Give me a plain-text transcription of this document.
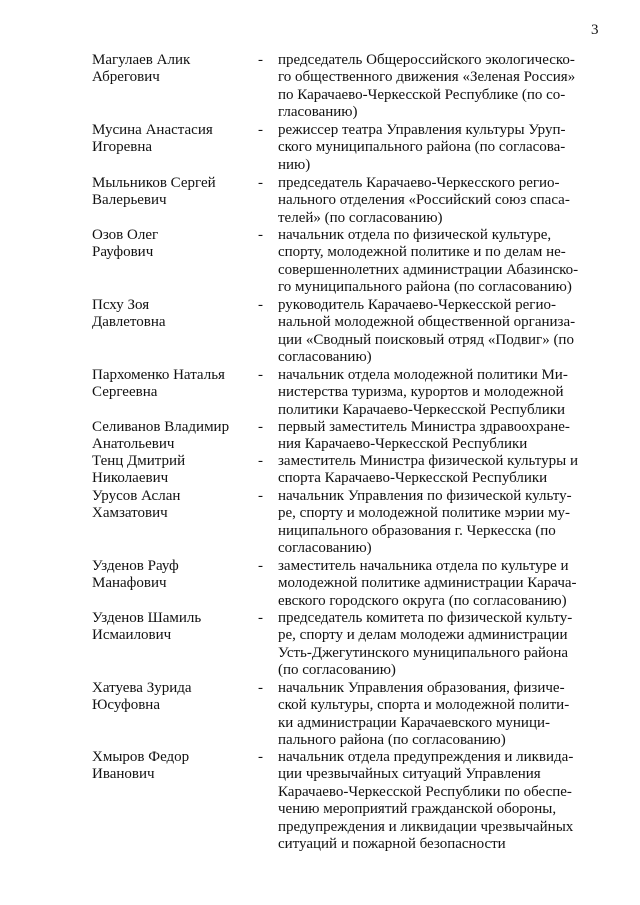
3
Магулаев Алик
Абрегович
- председатель Общероссийского экологическо-
го общественного движения «Зеленая Россия»
по Карачаево-Черкесской Республике (по со-
гласованию)
Мусина Анастасия
Игоревна
- режиссер театра Управления культуры Уруп-
ского муниципального района (по согласова-
нию)
Мыльников Сергей
Валерьевич
- председатель Карачаево-Черкесского регио-
нального отделения «Российский союз спаса-
телей» (по согласованию)
Озов Олег
Рауфович
- начальник отдела по физической культуре,
спорту, молодежной политике и по делам не-
совершеннолетних администрации Абазинско-
го муниципального района (по согласованию)
Псху Зоя
Давлетовна
- руководитель Карачаево-Черкесской регио-
нальной молодежной общественной организа-
ции «Сводный поисковый отряд «Подвиг» (по
согласованию)
Пархоменко Наталья
Сергеевна
- начальник отдела молодежной политики Ми-
нистерства туризма, курортов и молодежной
политики Карачаево-Черкесской Республики
Селиванов Владимир
Анатольевич
- первый заместитель Министра здравоохране-
ния Карачаево-Черкесской Республики
Тенц Дмитрий
Николаевич
- заместитель Министра физической культуры и
спорта Карачаево-Черкесской Республики
Урусов Аслан
Хамзатович
- начальник Управления по физической культу-
ре, спорту и молодежной политике мэрии му-
ниципального образования г. Черкесска (по
согласованию)
Узденов Рауф
Манафович
- заместитель начальника отдела по культуре и
молодежной политике администрации Карача-
евского городского округа (по согласованию)
Узденов Шамиль
Исмаилович
- председатель комитета по физической культу-
ре, спорту и делам молодежи администрации
Усть-Джегутинского муниципального района
(по согласованию)
Хатуева Зурида
Юсуфовна
- начальник Управления образования, физиче-
ской культуры, спорта и молодежной полити-
ки администрации Карачаевского муници-
пального района (по согласованию)
Хмыров Федор
Иванович
- начальник отдела предупреждения и ликвида-
ции чрезвычайных ситуаций Управления
Карачаево-Черкесской Республики по обеспе-
чению мероприятий гражданской обороны,
предупреждения и ликвидации чрезвычайных
ситуаций и пожарной безопасности
